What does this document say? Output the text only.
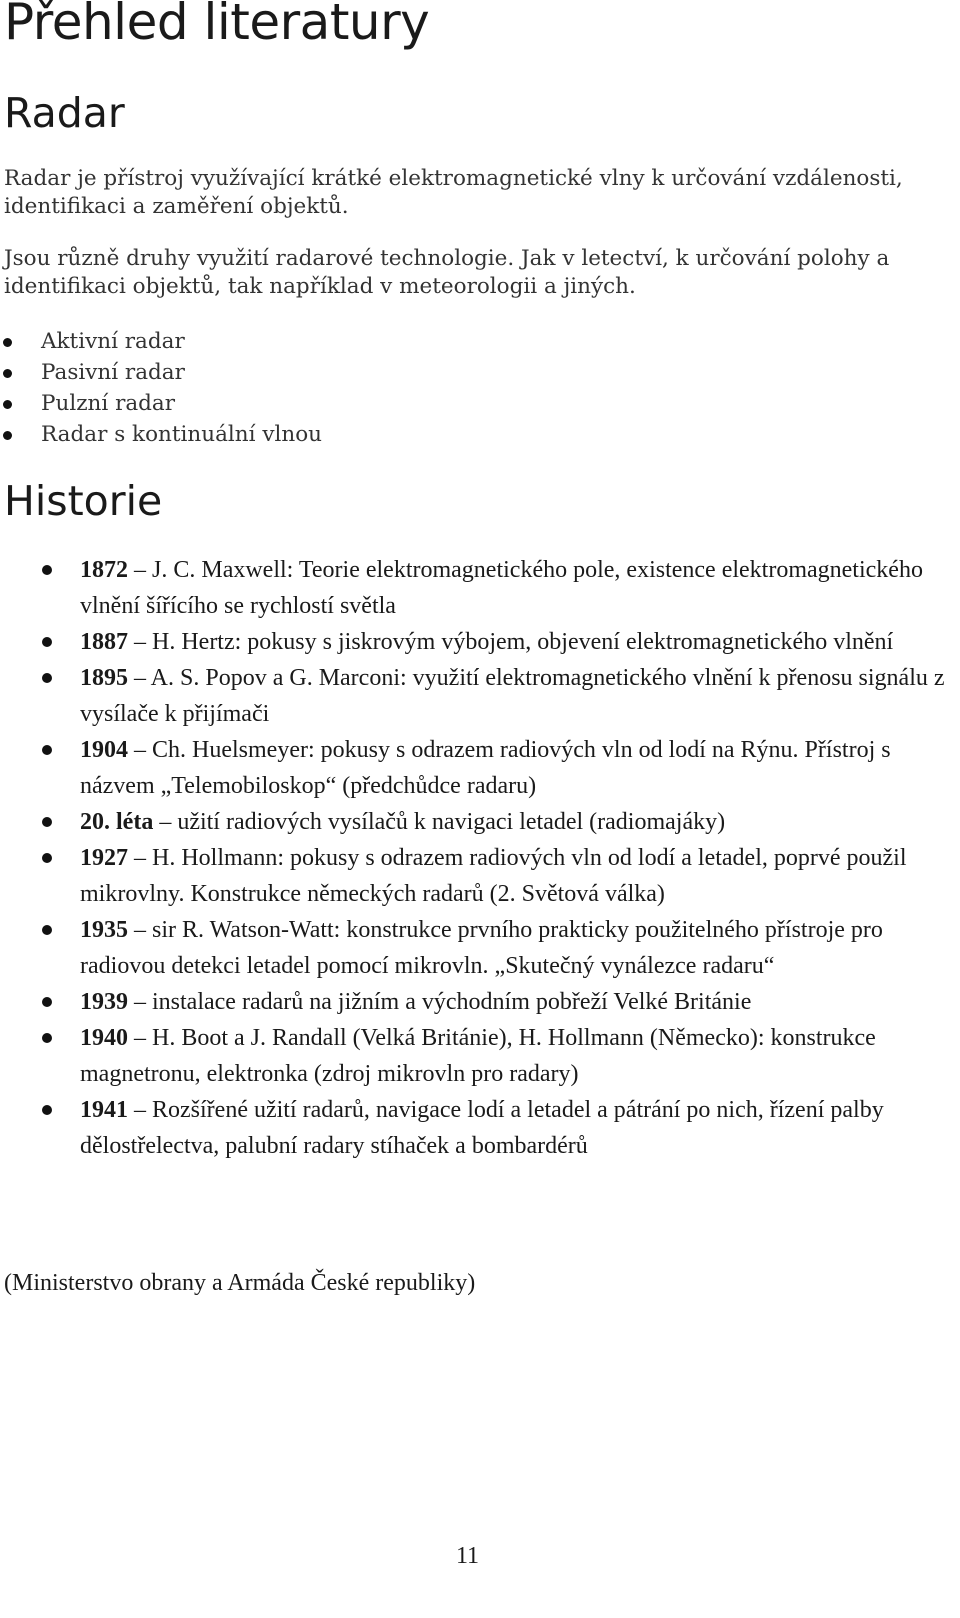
Přehled literatury
Radar

Radar je přístroj využívající krátké elektromagnetické vlny k určování vzdálenosti, identifikaci a zaměření objektů.

Jsou různě druhy využití radarové technologie. Jak v letectví, k určování polohy a identifikaci objektů, tak například v meteorologii a jiných.

Aktivní radar
Pasivní radar
Pulzní radar
Radar s kontinuální vlnou
Historie
1872 – J. C. Maxwell: Teorie elektromagnetického pole, existence elektromagnetického vlnění šířícího se rychlostí světla
1887 – H. Hertz: pokusy s jiskrovým výbojem, objevení elektromagnetického vlnění
1895 – A. S. Popov a G. Marconi: využití elektromagnetického vlnění k přenosu signálu z vysílače k přijímači
1904 – Ch. Huelsmeyer: pokusy s odrazem radiových vln od lodí na Rýnu. Přístroj s názvem „Telemobiloskop“ (předchůdce radaru)
20. léta – užití radiových vysílačů k navigaci letadel (radiomajáky)
1927 – H. Hollmann: pokusy s odrazem radiových vln od lodí a letadel, poprvé použil mikrovlny. Konstrukce německých radarů (2. Světová válka)
1935 – sir R. Watson-Watt: konstrukce prvního prakticky použitelného přístroje pro radiovou detekci letadel pomocí mikrovln. „Skutečný vynálezce radaru“
1939 – instalace radarů na jižním a východním pobřeží Velké Británie
1940 – H. Boot a J. Randall (Velká Británie), H. Hollmann (Německo): konstrukce magnetronu, elektronka (zdroj mikrovln pro radary)
1941 – Rozšířené užití radarů, navigace lodí a letadel a pátrání po nich, řízení palby dělostřelectva, palubní radary stíhaček a bombardérů

(Ministerstvo obrany a Armáda České republiky)

11
